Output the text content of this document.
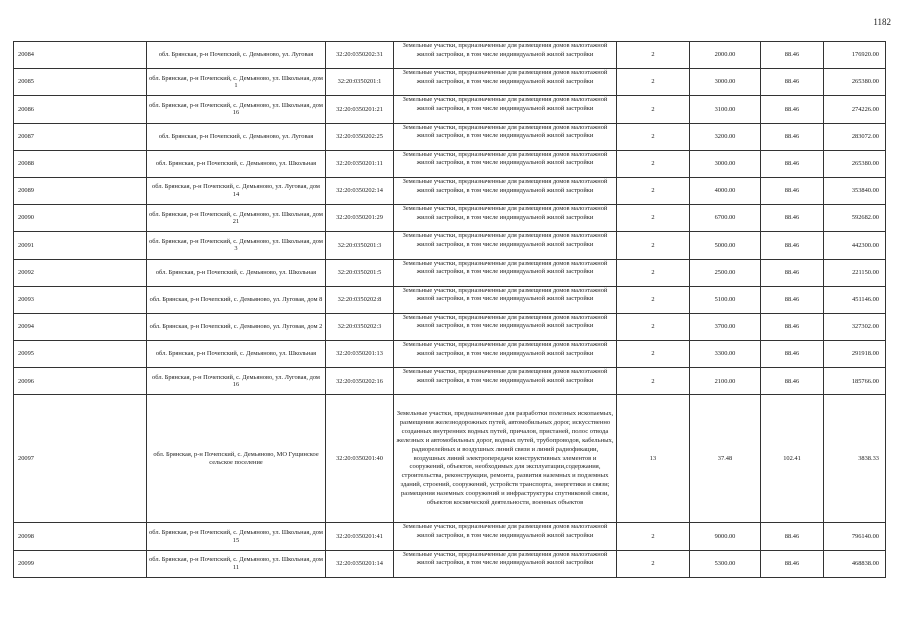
1182
20084	обл. Брянская, р-н Почепский, с. Демьяново, ул. Луговая	32:20:0350202:31	Земельные участки, предназначенные для размещения домов малоэтажной жилой застройки, в том числе индивидуальной жилой застройки	2	2000.00	88.46	176920.00
20085	обл. Брянская, р-н Почепский, с. Демьяново, ул. Школьная, дом 1	32:20:0350201:1	Земельные участки, предназначенные для размещения домов малоэтажной жилой застройки, в том числе индивидуальной жилой застройки	2	3000.00	88.46	265380.00
20086	обл. Брянская, р-н Почепский, с. Демьяново, ул. Школьная, дом 16	32:20:0350201:21	Земельные участки, предназначенные для размещения домов малоэтажной жилой застройки, в том числе индивидуальной жилой застройки	2	3100.00	88.46	274226.00
20087	обл. Брянская, р-н Почепский, с. Демьяново, ул. Луговая	32:20:0350202:25	Земельные участки, предназначенные для размещения домов малоэтажной жилой застройки, в том числе индивидуальной жилой застройки	2	3200.00	88.46	283072.00
20088	обл. Брянская, р-н Почепский, с. Демьяново, ул. Школьная	32:20:0350201:11	Земельные участки, предназначенные для размещения домов малоэтажной жилой застройки, в том числе индивидуальной жилой застройки	2	3000.00	88.46	265380.00
20089	обл. Брянская, р-н Почепский, с. Демьяново, ул. Луговая, дом 14	32:20:0350202:14	Земельные участки, предназначенные для размещения домов малоэтажной жилой застройки, в том числе индивидуальной жилой застройки	2	4000.00	88.46	353840.00
20090	обл. Брянская, р-н Почепский, с. Демьяново, ул. Школьная, дом 21	32:20:0350201:29	Земельные участки, предназначенные для размещения домов малоэтажной жилой застройки, в том числе индивидуальной жилой застройки	2	6700.00	88.46	592682.00
20091	обл. Брянская, р-н Почепский, с. Демьяново, ул. Школьная, дом 3	32:20:0350201:3	Земельные участки, предназначенные для размещения домов малоэтажной жилой застройки, в том числе индивидуальной жилой застройки	2	5000.00	88.46	442300.00
20092	обл. Брянская, р-н Почепский, с. Демьяново, ул. Школьная	32:20:0350201:5	Земельные участки, предназначенные для размещения домов малоэтажной жилой застройки, в том числе индивидуальной жилой застройки	2	2500.00	88.46	221150.00
20093	обл. Брянская, р-н Почепский, с. Демьяново, ул. Луговая, дом 8	32:20:0350202:8	Земельные участки, предназначенные для размещения домов малоэтажной жилой застройки, в том числе индивидуальной жилой застройки	2	5100.00	88.46	451146.00
20094	обл. Брянская, р-н Почепский, с. Демьяново, ул. Луговая, дом 2	32:20:0350202:3	Земельные участки, предназначенные для размещения домов малоэтажной жилой застройки, в том числе индивидуальной жилой застройки	2	3700.00	88.46	327302.00
20095	обл. Брянская, р-н Почепский, с. Демьяново, ул. Школьная	32:20:0350201:13	Земельные участки, предназначенные для размещения домов малоэтажной жилой застройки, в том числе индивидуальной жилой застройки	2	3300.00	88.46	291918.00
20096	обл. Брянская, р-н Почепский, с. Демьяново, ул. Луговая, дом 16	32:20:0350202:16	Земельные участки, предназначенные для размещения домов малоэтажной жилой застройки, в том числе индивидуальной жилой застройки	2	2100.00	88.46	185766.00
20097	обл. Брянская, р-н Почепский, с. Демьяново, МО Гущинское сельское поселение	32:20:0350201:40	Земельные участки, предназначенные для разработки полезных ископаемых, размещения железнодорожных путей, автомобильных дорог, искусственно созданных внутренних водных путей, причалов, пристаней, полос отвода железных и автомобильных дорог, водных путей, трубопроводов, кабельных, радиорелейных и воздушных линий связи и линий радиофикации, воздушных линий электропередачи конструктивных элементов и сооружений, объектов, необходимых для эксплуатации,содержания, строительства, реконструкции, ремонта, развития наземных и подземных зданий, строений, сооружений, устройств транспорта, энергетики и связи; размещения наземных сооружений и инфраструктуры спутниковой связи, объектов космической деятельности, военных объектов	13	37.48	102.41	3838.33
20098	обл. Брянская, р-н Почепский, с. Демьяново, ул. Школьная, дом 15	32:20:0350201:41	Земельные участки, предназначенные для размещения домов малоэтажной жилой застройки, в том числе индивидуальной жилой застройки	2	9000.00	88.46	796140.00
20099	обл. Брянская, р-н Почепский, с. Демьяново, ул. Школьная, дом 11	32:20:0350201:14	Земельные участки, предназначенные для размещения домов малоэтажной жилой застройки, в том числе индивидуальной жилой застройки	2	5300.00	88.46	468838.00
